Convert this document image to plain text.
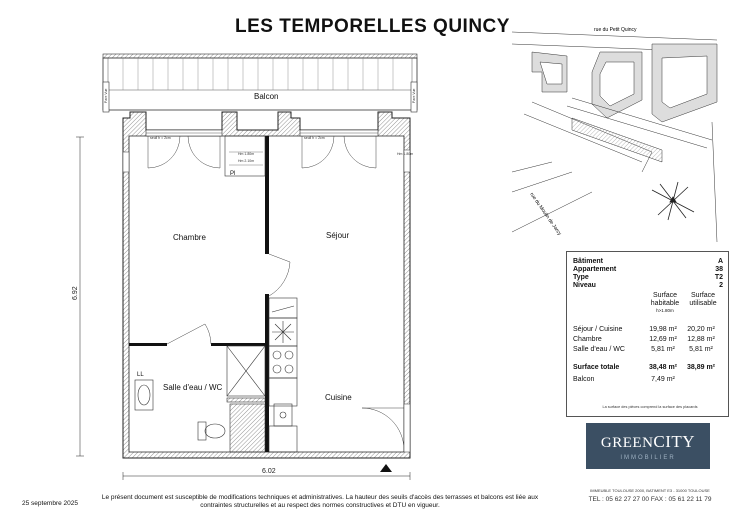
LES TEMPORELLES QUINCY
Pare Vue	Pare Vue
Balcon
seuil h = 2cm	seuil h = 2cm
Hm 1.80m
Hm 2.10m
Hm 1.80m
Pl
LL
Chambre	Séjour
Salle d'eau / WC
Cuisine
6.92
6.02
rue du Petit Quincy
rue du Moulin de Jarcy
Bâtiment	A
Appartement	38
Type	T2
Niveau	2
Surface habitable
h>1.80m
Surface utilisable
Séjour / Cuisine	19,98 m²	20,20 m²
Chambre	12,69 m²	12,88 m²
Salle d'eau / WC	5,81 m²	5,81 m²
Surface totale	38,48 m²	38,89 m²
Balcon	7,49 m²
La surface des pièces comprend la surface des placards
GREENCITY
IMMOBILIER
IMMEUBLE TOULOUSE 2000, BATIMENT E3 - 31000 TOULOUSE
TEL : 05 62 27 27 00 FAX : 05 61 22 11 79
25 septembre 2025
Le présent document est susceptible de modifications techniques et administratives. La hauteur des seuils d'accès des terrasses et balcons est liée aux contraintes structurelles et au respect des normes constructives et DTU en vigueur.
